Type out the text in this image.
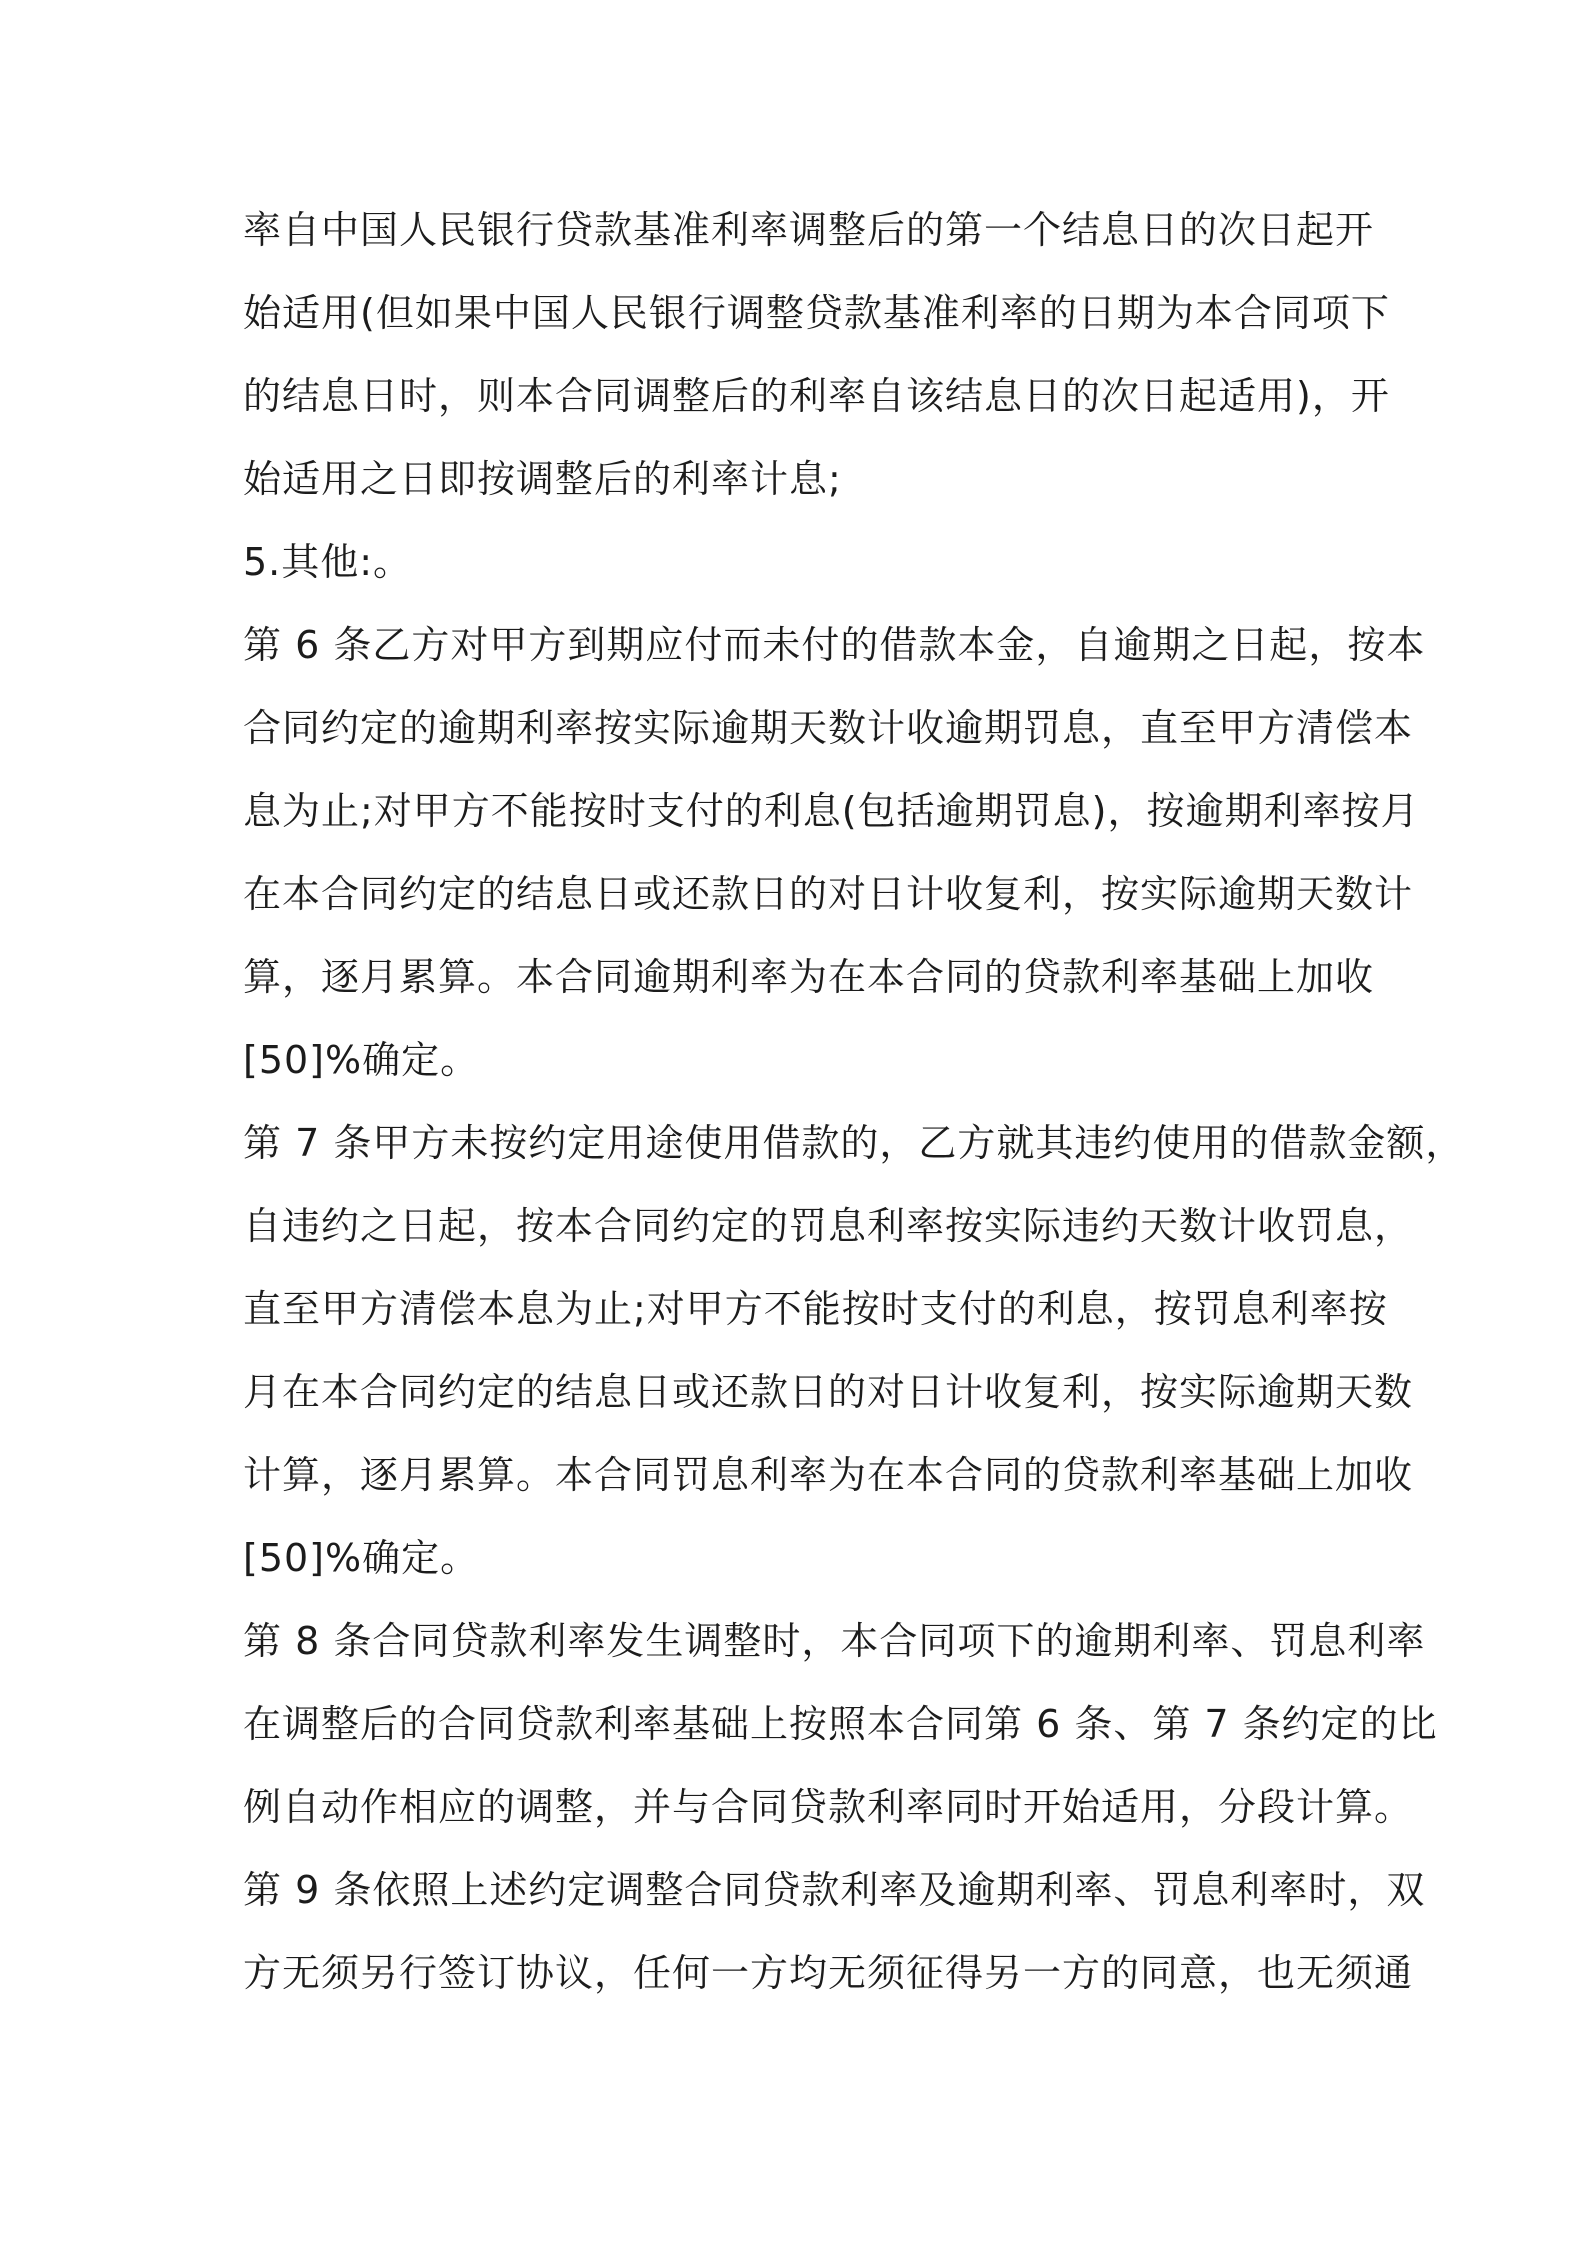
率自中国人民银行贷款基准利率调整后的第一个结息日的次日起开
始适用(但如果中国人民银行调整贷款基准利率的日期为本合同项下
的结息日时，则本合同调整后的利率自该结息日的次日起适用)，开
始适用之日即按调整后的利率计息;
5.其他:。
第 6 条乙方对甲方到期应付而未付的借款本金，自逾期之日起，按本
合同约定的逾期利率按实际逾期天数计收逾期罚息，直至甲方清偿本
息为止;对甲方不能按时支付的利息(包括逾期罚息)，按逾期利率按月
在本合同约定的结息日或还款日的对日计收复利，按实际逾期天数计
算，逐月累算。本合同逾期利率为在本合同的贷款利率基础上加收
[50]%确定。
第 7 条甲方未按约定用途使用借款的，乙方就其违约使用的借款金额，
自违约之日起，按本合同约定的罚息利率按实际违约天数计收罚息，
直至甲方清偿本息为止;对甲方不能按时支付的利息，按罚息利率按
月在本合同约定的结息日或还款日的对日计收复利，按实际逾期天数
计算，逐月累算。本合同罚息利率为在本合同的贷款利率基础上加收
[50]%确定。
第 8 条合同贷款利率发生调整时，本合同项下的逾期利率、罚息利率
在调整后的合同贷款利率基础上按照本合同第 6 条、第 7 条约定的比
例自动作相应的调整，并与合同贷款利率同时开始适用，分段计算。
第 9 条依照上述约定调整合同贷款利率及逾期利率、罚息利率时，双
方无须另行签订协议，任何一方均无须征得另一方的同意，也无须通
